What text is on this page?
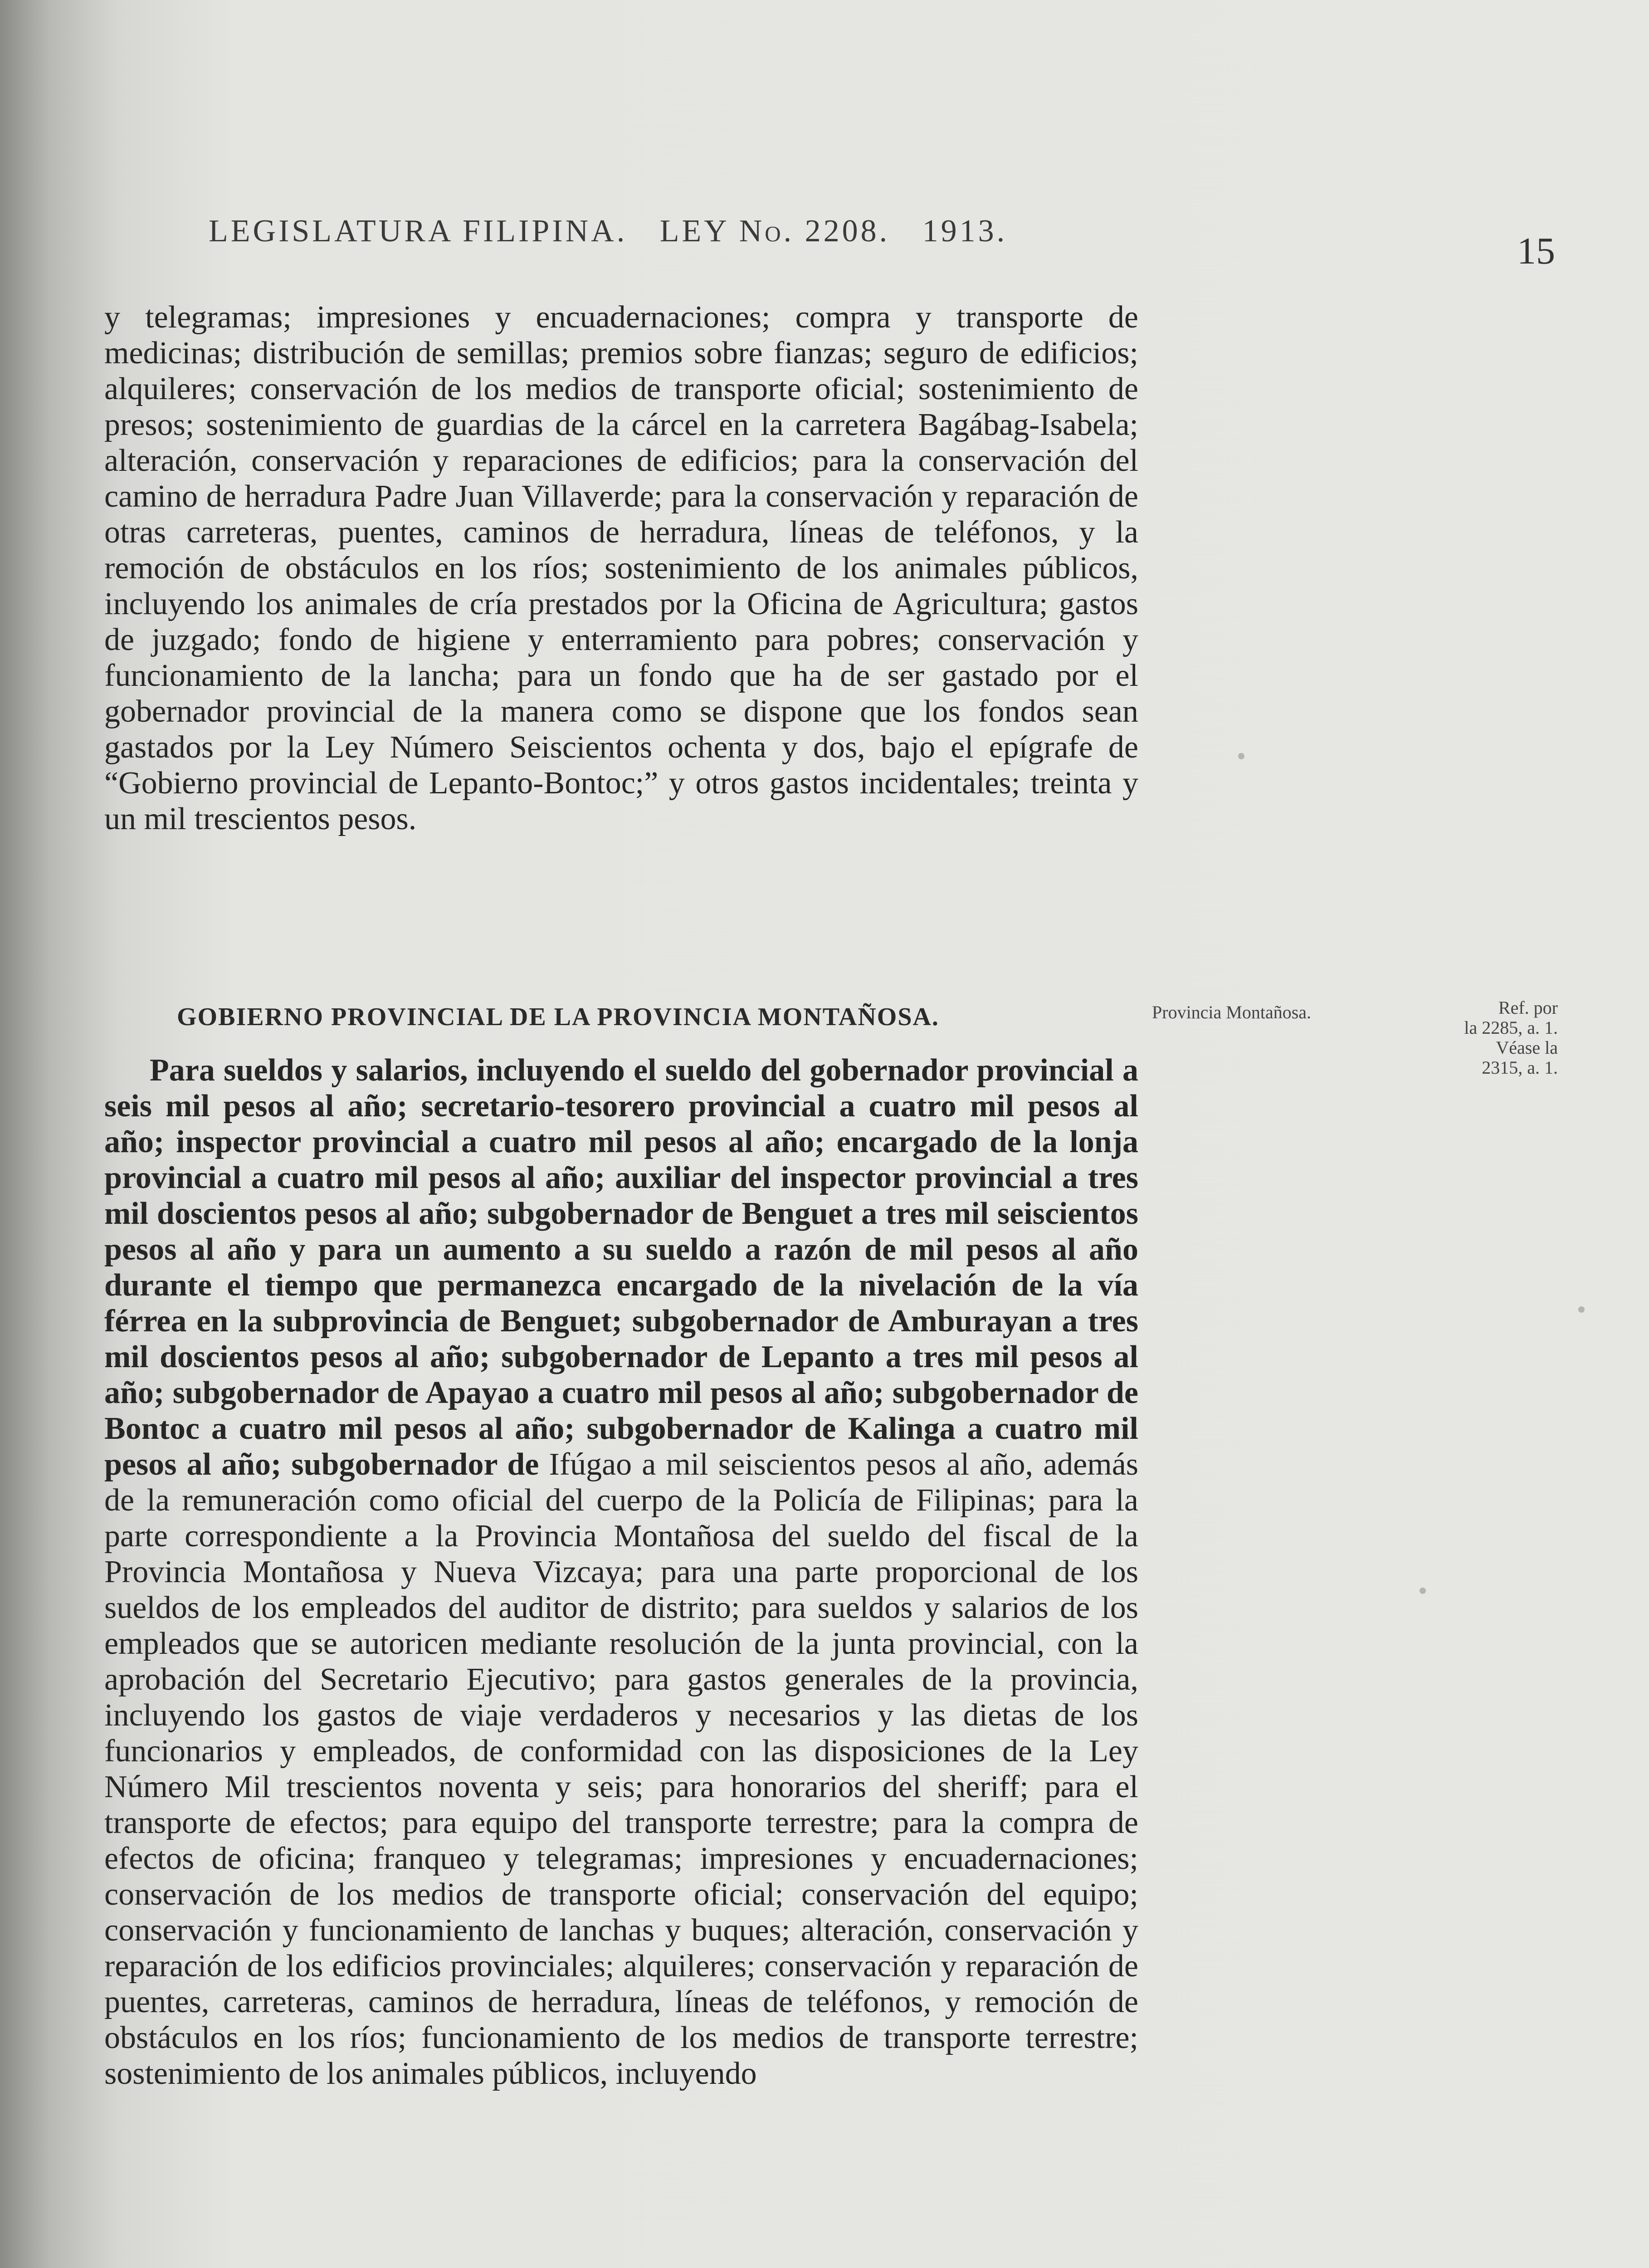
LEGISLATURA FILIPINA. LEY No. 2208. 1913.	15
y telegramas; impresiones y encuadernaciones; compra y transporte de medicinas; distribución de semillas; premios sobre fianzas; seguro de edificios; alquileres; conservación de los medios de transporte oficial; sostenimiento de presos; sostenimiento de guardias de la cárcel en la carretera Bagábag-Isabela; alteración, conservación y reparaciones de edificios; para la conservación del camino de herradura Padre Juan Villaverde; para la conservación y reparación de otras carreteras, puentes, caminos de herradura, líneas de teléfonos, y la remoción de obstáculos en los ríos; sostenimiento de los animales públicos, incluyendo los animales de cría prestados por la Oficina de Agricultura; gastos de juzgado; fondo de higiene y enterramiento para pobres; conservación y funcionamiento de la lancha; para un fondo que ha de ser gastado por el gobernador provincial de la manera como se dispone que los fondos sean gastados por la Ley Número Seiscientos ochenta y dos, bajo el epígrafe de “Gobierno provincial de Lepanto-Bontoc;” y otros gastos incidentales; treinta y un mil trescientos pesos.
GOBIERNO PROVINCIAL DE LA PROVINCIA MONTAÑOSA.	Provincia Montañosa.	Ref. por
la 2285, a. 1.
Véase la
2315, a. 1.
Para sueldos y salarios, incluyendo el sueldo del gobernador provincial a seis mil pesos al año; secretario-tesorero provincial a cuatro mil pesos al año; inspector provincial a cuatro mil pesos al año; encargado de la lonja provincial a cuatro mil pesos al año; auxiliar del inspector provincial a tres mil doscientos pesos al año; subgobernador de Benguet a tres mil seiscientos pesos al año y para un aumento a su sueldo a razón de mil pesos al año durante el tiempo que permanezca encargado de la nivelación de la vía férrea en la subprovincia de Benguet; subgobernador de Amburayan a tres mil doscientos pesos al año; subgobernador de Lepanto a tres mil pesos al año; subgobernador de Apayao a cuatro mil pesos al año; subgobernador de Bontoc a cuatro mil pesos al año; subgobernador de Kalinga a cuatro mil pesos al año; subgobernador de Ifúgao a mil seiscientos pesos al año, además de la remuneración como oficial del cuerpo de la Policía de Filipinas; para la parte correspondiente a la Provincia Montañosa del sueldo del fiscal de la Provincia Montañosa y Nueva Vizcaya; para una parte proporcional de los sueldos de los empleados del auditor de distrito; para sueldos y salarios de los empleados que se autoricen mediante resolución de la junta provincial, con la aprobación del Secretario Ejecutivo; para gastos generales de la provincia, incluyendo los gastos de viaje verdaderos y necesarios y las dietas de los funcionarios y empleados, de conformidad con las disposiciones de la Ley Número Mil trescientos noventa y seis; para honorarios del sheriff; para el transporte de efectos; para equipo del transporte terrestre; para la compra de efectos de oficina; franqueo y telegramas; impresiones y encuadernaciones; conservación de los medios de transporte oficial; conservación del equipo; conservación y funcionamiento de lanchas y buques; alteración, conservación y reparación de los edificios provinciales; alquileres; conservación y reparación de puentes, carreteras, caminos de herradura, líneas de teléfonos, y remoción de obstáculos en los ríos; funcionamiento de los medios de transporte terrestre; sostenimiento de los animales públicos, incluyendo
